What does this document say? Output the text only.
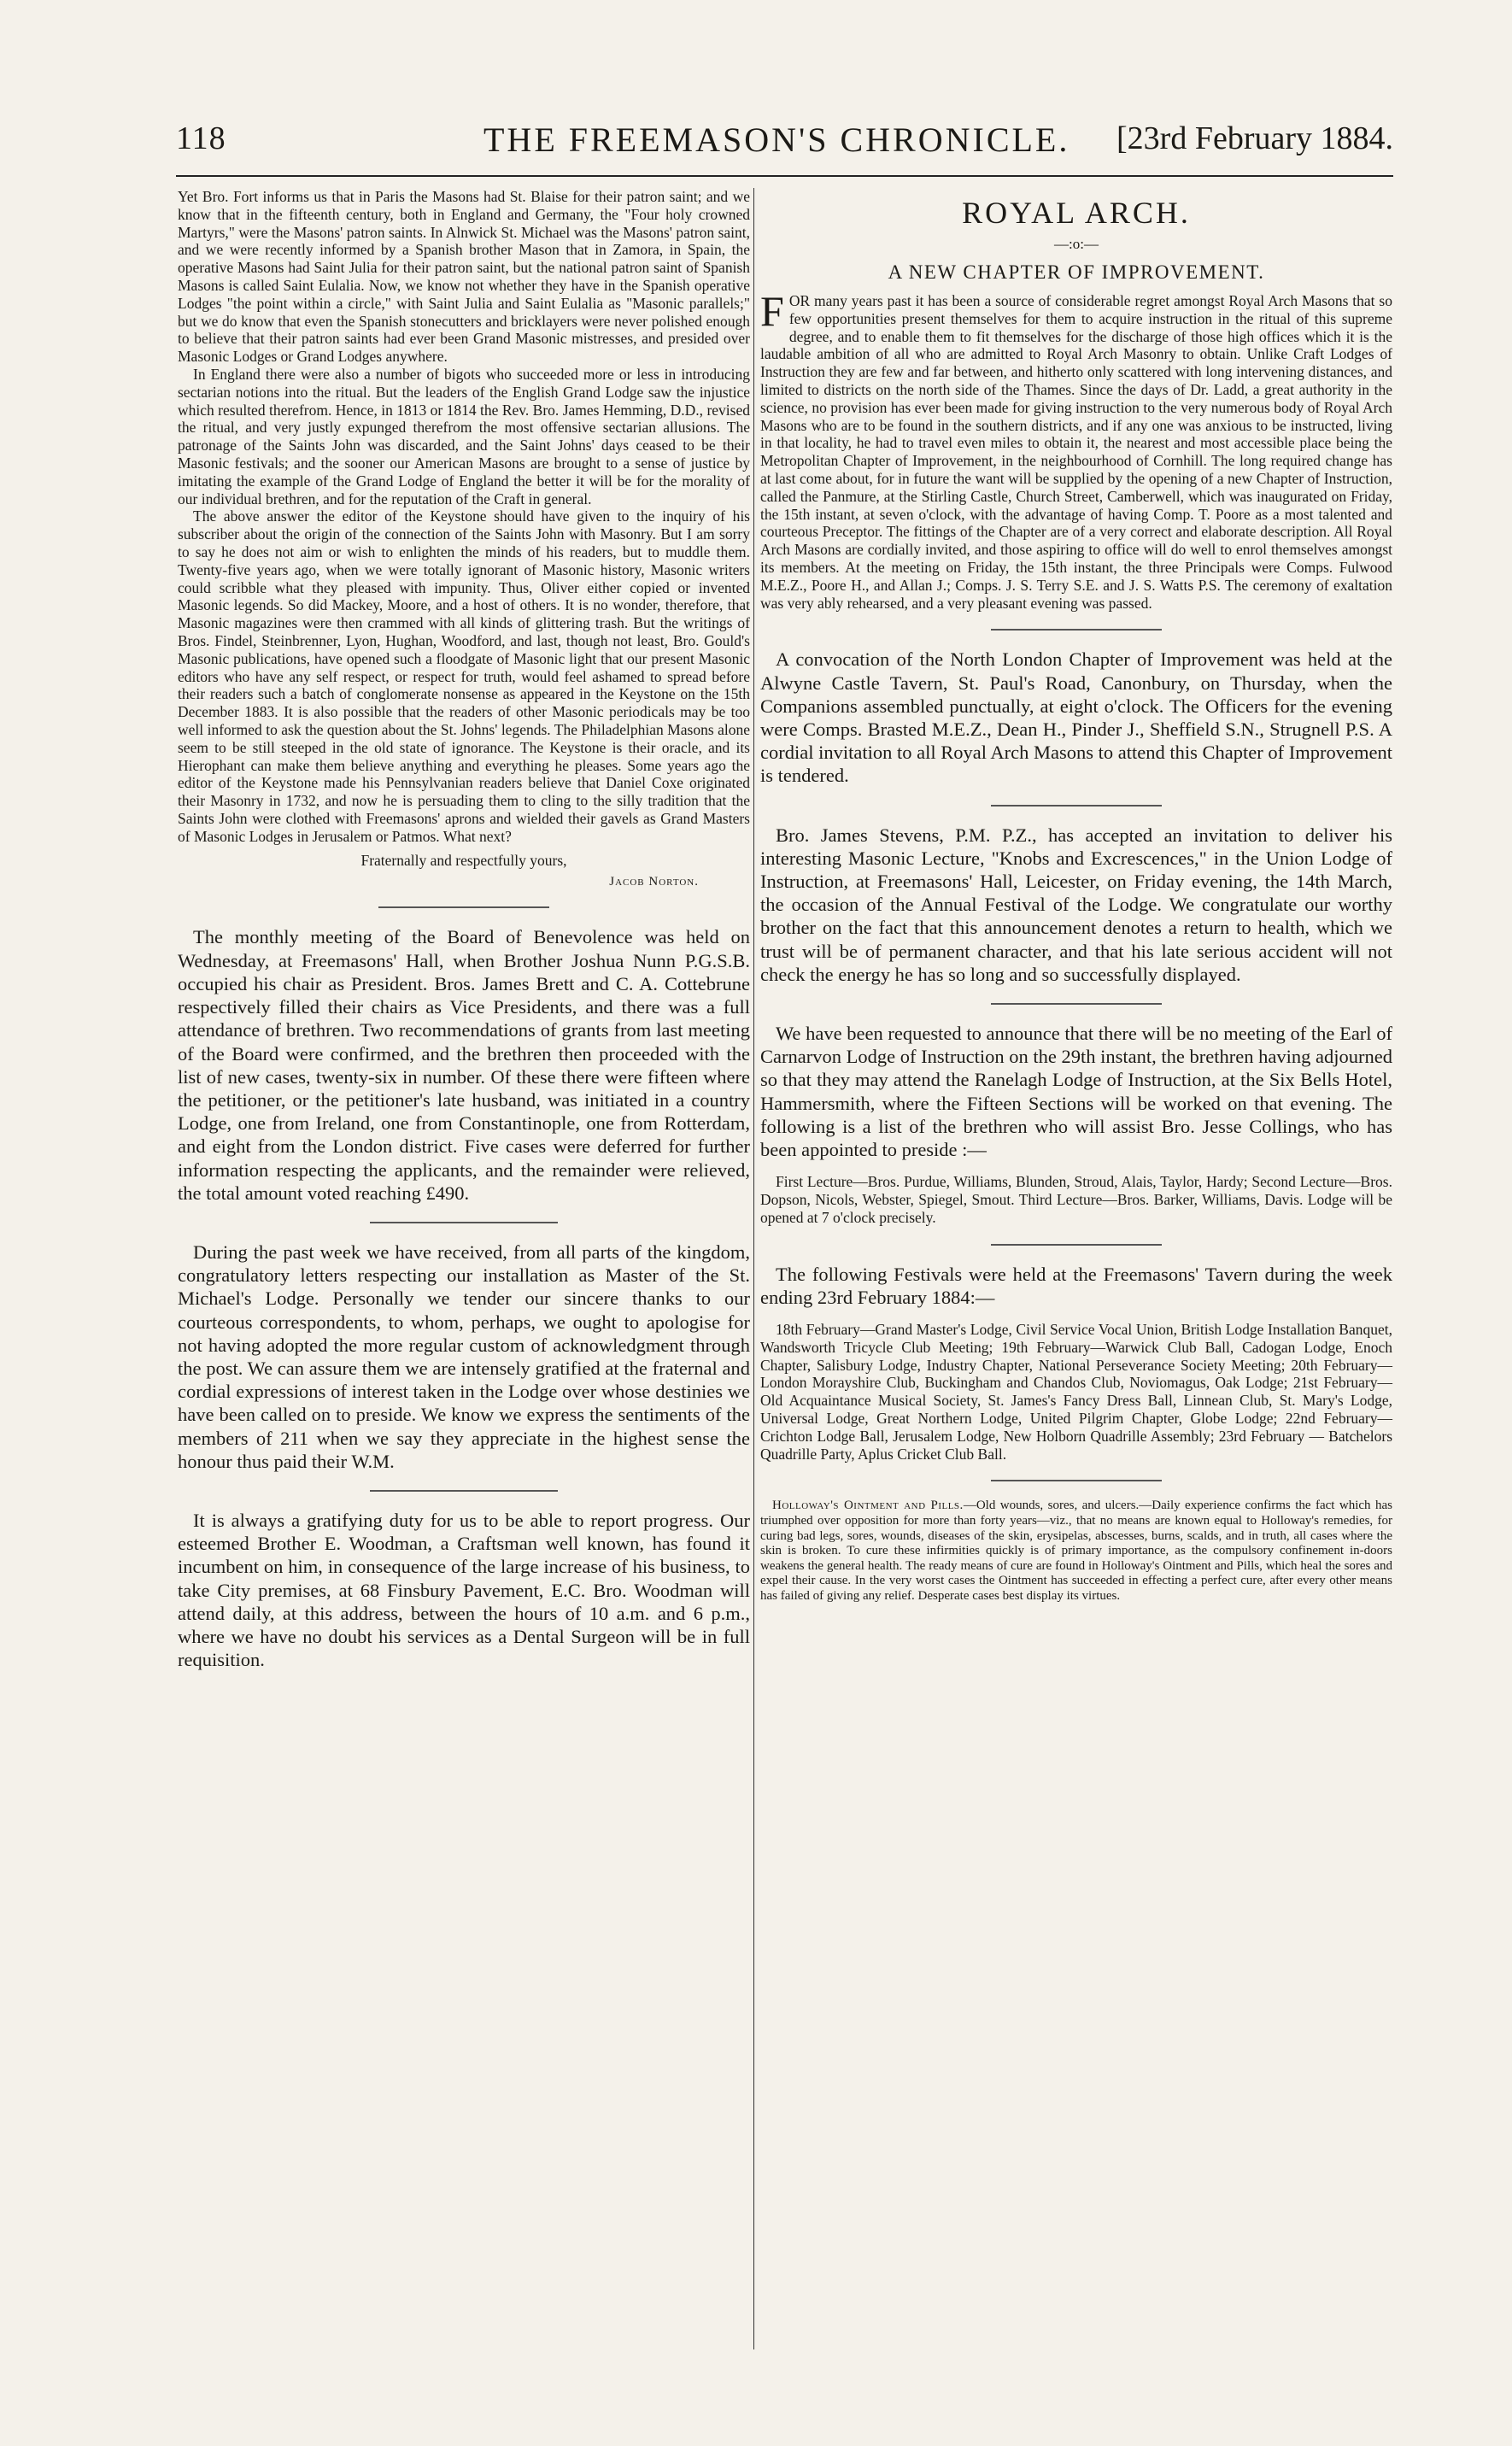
118	THE FREEMASON'S CHRONICLE. [23rd February 1884.

Yet Bro. Fort informs us that in Paris the Masons had St. Blaise for their patron saint; and we know that in the fifteenth century, both in England and Germany, the "Four holy crowned Martyrs," were the Masons' patron saints. In Alnwick St. Michael was the Masons' patron saint, and we were recently informed by a Spanish brother Mason that in Zamora, in Spain, the operative Masons had Saint Julia for their patron saint, but the national patron saint of Spanish Masons is called Saint Eulalia. Now, we know not whether they have in the Spanish operative Lodges "the point within a circle," with Saint Julia and Saint Eulalia as "Masonic parallels;" but we do know that even the Spanish stonecutters and bricklayers were never polished enough to believe that their patron saints had ever been Grand Masonic mistresses, and presided over Masonic Lodges or Grand Lodges anywhere.

In England there were also a number of bigots who succeeded more or less in introducing sectarian notions into the ritual. But the leaders of the English Grand Lodge saw the injustice which resulted therefrom. Hence, in 1813 or 1814 the Rev. Bro. James Hemming, D.D., revised the ritual, and very justly expunged therefrom the most offensive sectarian allusions. The patronage of the Saints John was discarded, and the Saint Johns' days ceased to be their Masonic festivals; and the sooner our American Masons are brought to a sense of justice by imitating the example of the Grand Lodge of England the better it will be for the morality of our individual brethren, and for the reputation of the Craft in general.

The above answer the editor of the Keystone should have given to the inquiry of his subscriber about the origin of the connection of the Saints John with Masonry. But I am sorry to say he does not aim or wish to enlighten the minds of his readers, but to muddle them. Twenty-five years ago, when we were totally ignorant of Masonic history, Masonic writers could scribble what they pleased with impunity. Thus, Oliver either copied or invented Masonic legends. So did Mackey, Moore, and a host of others. It is no wonder, therefore, that Masonic magazines were then crammed with all kinds of glittering trash. But the writings of Bros. Findel, Steinbrenner, Lyon, Hughan, Woodford, and last, though not least, Bro. Gould's Masonic publications, have opened such a floodgate of Masonic light that our present Masonic editors who have any self respect, or respect for truth, would feel ashamed to spread before their readers such a batch of conglomerate nonsense as appeared in the Keystone on the 15th December 1883. It is also possible that the readers of other Masonic periodicals may be too well informed to ask the question about the St. Johns' legends. The Philadelphian Masons alone seem to be still steeped in the old state of ignorance. The Keystone is their oracle, and its Hierophant can make them believe anything and everything he pleases. Some years ago the editor of the Keystone made his Pennsylvanian readers believe that Daniel Coxe originated their Masonry in 1732, and now he is persuading them to cling to the silly tradition that the Saints John were clothed with Freemasons' aprons and wielded their gavels as Grand Masters of Masonic Lodges in Jerusalem or Patmos. What next?

Fraternally and respectfully yours,
Jacob Norton.

The monthly meeting of the Board of Benevolence was held on Wednesday, at Freemasons' Hall, when Brother Joshua Nunn P.G.S.B. occupied his chair as President. Bros. James Brett and C. A. Cottebrune respectively filled their chairs as Vice Presidents, and there was a full attendance of brethren. Two recommendations of grants from last meeting of the Board were confirmed, and the brethren then proceeded with the list of new cases, twenty-six in number. Of these there were fifteen where the petitioner, or the petitioner's late husband, was initiated in a country Lodge, one from Ireland, one from Constantinople, one from Rotterdam, and eight from the London district. Five cases were deferred for further information respecting the applicants, and the remainder were relieved, the total amount voted reaching £490.

During the past week we have received, from all parts of the kingdom, congratulatory letters respecting our installation as Master of the St. Michael's Lodge. Personally we tender our sincere thanks to our courteous correspondents, to whom, perhaps, we ought to apologise for not having adopted the more regular custom of acknowledgment through the post. We can assure them we are intensely gratified at the fraternal and cordial expressions of interest taken in the Lodge over whose destinies we have been called on to preside. We know we express the sentiments of the members of 211 when we say they appreciate in the highest sense the honour thus paid their W.M.

It is always a gratifying duty for us to be able to report progress. Our esteemed Brother E. Woodman, a Craftsman well known, has found it incumbent on him, in consequence of the large increase of his business, to take City premises, at 68 Finsbury Pavement, E.C. Bro. Woodman will attend daily, at this address, between the hours of 10 a.m. and 6 p.m., where we have no doubt his services as a Dental Surgeon will be in full requisition.

ROYAL ARCH.
—:o:—
A NEW CHAPTER OF IMPROVEMENT.

FOR many years past it has been a source of considerable regret amongst Royal Arch Masons that so few opportunities present themselves for them to acquire instruction in the ritual of this supreme degree, and to enable them to fit themselves for the discharge of those high offices which it is the laudable ambition of all who are admitted to Royal Arch Masonry to obtain. Unlike Craft Lodges of Instruction they are few and far between, and hitherto only scattered with long intervening distances, and limited to districts on the north side of the Thames. Since the days of Dr. Ladd, a great authority in the science, no provision has ever been made for giving instruction to the very numerous body of Royal Arch Masons who are to be found in the southern districts, and if any one was anxious to be instructed, living in that locality, he had to travel even miles to obtain it, the nearest and most accessible place being the Metropolitan Chapter of Improvement, in the neighbourhood of Cornhill. The long required change has at last come about, for in future the want will be supplied by the opening of a new Chapter of Instruction, called the Panmure, at the Stirling Castle, Church Street, Camberwell, which was inaugurated on Friday, the 15th instant, at seven o'clock, with the advantage of having Comp. T. Poore as a most talented and courteous Preceptor. The fittings of the Chapter are of a very correct and elaborate description. All Royal Arch Masons are cordially invited, and those aspiring to office will do well to enrol themselves amongst its members. At the meeting on Friday, the 15th instant, the three Principals were Comps. Fulwood M.E.Z., Poore H., and Allan J.; Comps. J. S. Terry S.E. and J. S. Watts P.S. The ceremony of exaltation was very ably rehearsed, and a very pleasant evening was passed.

A convocation of the North London Chapter of Improvement was held at the Alwyne Castle Tavern, St. Paul's Road, Canonbury, on Thursday, when the Companions assembled punctually, at eight o'clock. The Officers for the evening were Comps. Brasted M.E.Z., Dean H., Pinder J., Sheffield S.N., Strugnell P.S. A cordial invitation to all Royal Arch Masons to attend this Chapter of Improvement is tendered.

Bro. James Stevens, P.M. P.Z., has accepted an invitation to deliver his interesting Masonic Lecture, "Knobs and Excrescences," in the Union Lodge of Instruction, at Freemasons' Hall, Leicester, on Friday evening, the 14th March, the occasion of the Annual Festival of the Lodge. We congratulate our worthy brother on the fact that this announcement denotes a return to health, which we trust will be of permanent character, and that his late serious accident will not check the energy he has so long and so successfully displayed.

We have been requested to announce that there will be no meeting of the Earl of Carnarvon Lodge of Instruction on the 29th instant, the brethren having adjourned so that they may attend the Ranelagh Lodge of Instruction, at the Six Bells Hotel, Hammersmith, where the Fifteen Sections will be worked on that evening. The following is a list of the brethren who will assist Bro. Jesse Collings, who has been appointed to preside :—

First Lecture—Bros. Purdue, Williams, Blunden, Stroud, Alais, Taylor, Hardy; Second Lecture—Bros. Dopson, Nicols, Webster, Spiegel, Smout. Third Lecture—Bros. Barker, Williams, Davis. Lodge will be opened at 7 o'clock precisely.

The following Festivals were held at the Freemasons' Tavern during the week ending 23rd February 1884:—

18th February—Grand Master's Lodge, Civil Service Vocal Union, British Lodge Installation Banquet, Wandsworth Tricycle Club Meeting; 19th February—Warwick Club Ball, Cadogan Lodge, Enoch Chapter, Salisbury Lodge, Industry Chapter, National Perseverance Society Meeting; 20th February—London Morayshire Club, Buckingham and Chandos Club, Noviomagus, Oak Lodge; 21st February—Old Acquaintance Musical Society, St. James's Fancy Dress Ball, Linnean Club, St. Mary's Lodge, Universal Lodge, Great Northern Lodge, United Pilgrim Chapter, Globe Lodge; 22nd February—Crichton Lodge Ball, Jerusalem Lodge, New Holborn Quadrille Assembly; 23rd February — Batchelors Quadrille Party, Aplus Cricket Club Ball.

Holloway's Ointment and Pills.—Old wounds, sores, and ulcers.—Daily experience confirms the fact which has triumphed over opposition for more than forty years—viz., that no means are known equal to Holloway's remedies, for curing bad legs, sores, wounds, diseases of the skin, erysipelas, abscesses, burns, scalds, and in truth, all cases where the skin is broken. To cure these infirmities quickly is of primary importance, as the compulsory confinement in-doors weakens the general health. The ready means of cure are found in Holloway's Ointment and Pills, which heal the sores and expel their cause. In the very worst cases the Ointment has succeeded in effecting a perfect cure, after every other means has failed of giving any relief. Desperate cases best display its virtues.
